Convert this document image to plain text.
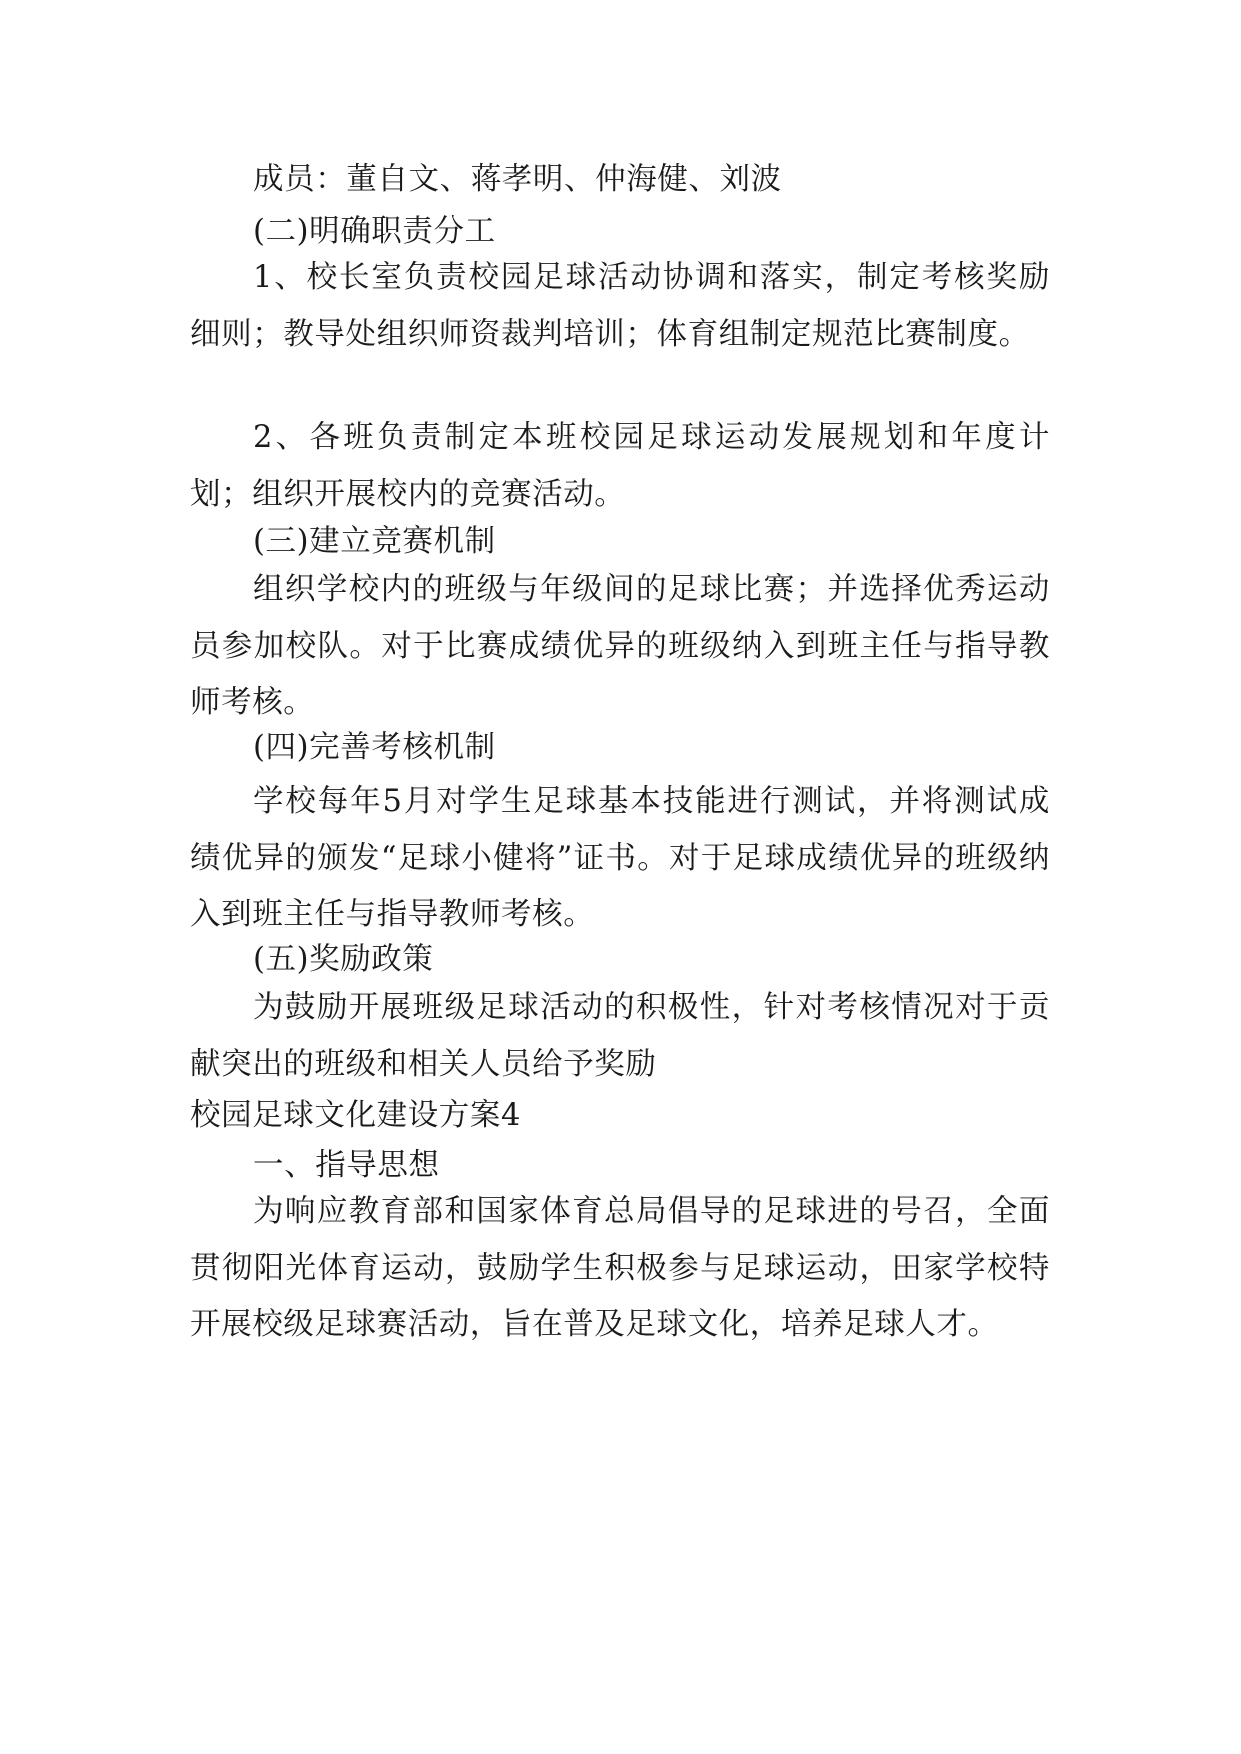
成员：董自文、蒋孝明、仲海健、刘波

(二)明确职责分工

1、校长室负责校园足球活动协调和落实，制定考核奖励细则；教导处组织师资裁判培训；体育组制定规范比赛制度。

2、各班负责制定本班校园足球运动发展规划和年度计划；组织开展校内的竞赛活动。

(三)建立竞赛机制

组织学校内的班级与年级间的足球比赛；并选择优秀运动员参加校队。对于比赛成绩优异的班级纳入到班主任与指导教师考核。

(四)完善考核机制

学校每年5月对学生足球基本技能进行测试，并将测试成绩优异的颁发“足球小健将”证书。对于足球成绩优异的班级纳入到班主任与指导教师考核。

(五)奖励政策

为鼓励开展班级足球活动的积极性，针对考核情况对于贡献突出的班级和相关人员给予奖励

校园足球文化建设方案4

一、指导思想

为响应教育部和国家体育总局倡导的足球进的号召，全面贯彻阳光体育运动，鼓励学生积极参与足球运动，田家学校特开展校级足球赛活动，旨在普及足球文化，培养足球人才。
